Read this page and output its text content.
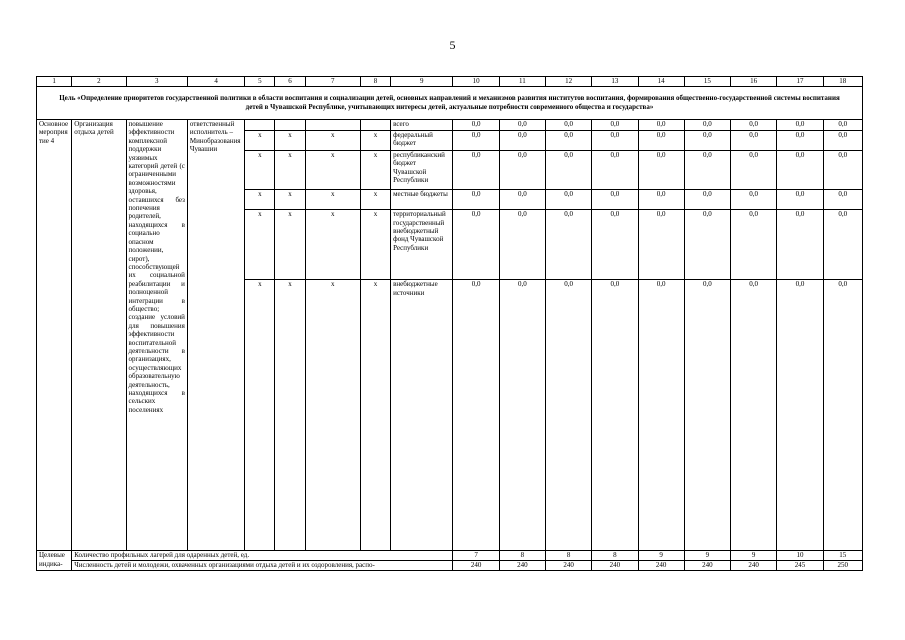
5
1	2	3	4	5	6	7	8	9	10	11	12	13	14	15	16	17	18
Цель «Определение приоритетов государственной политики в области воспитания и социализации детей, основных направлений и механизмов развития институтов воспитания, формирования общественно-государственной системы воспитания детей в Чувашской Республике, учитывающих интересы детей, актуальные потребности современного общества и государства»																	
Основное мероприятие 4	Организация отдыха детей	повышение эффективности комплексной поддержки уязвимых категорий детей (с ограниченными возможностями здоровья, оставшихся без попечения родителей, находящихся в социально опасном положении, сирот), способствующей их социальной реабилитации и полноценной интеграции в общество; создание условий для повышения эффективности воспитательной деятельности в организациях, осуществляющих образовательную деятельность, находящихся в сельских поселениях	ответственный исполнитель – Минобразования Чувашии					всего	0,0	0,0	0,0	0,0	0,0	0,0	0,0	0,0	0,0
				x	x	x	x	федеральный бюджет	0,0	0,0	0,0	0,0	0,0	0,0	0,0	0,0	0,0
				x	x	x	x	республиканский бюджет Чувашской Республики	0,0	0,0	0,0	0,0	0,0	0,0	0,0	0,0	0,0
				x	x	x	x	местные бюджеты	0,0	0,0	0,0	0,0	0,0	0,0	0,0	0,0	0,0
				x	x	x	x	территориальный государственный внебюджетный фонд Чувашской Республики	0,0	0,0	0,0	0,0	0,0	0,0	0,0	0,0	0,0
				x	x	x	x	внебюджетные источники	0,0	0,0	0,0	0,0	0,0	0,0	0,0	0,0	0,0
Целевые индика-	Количество профильных лагерей для одаренных детей, ед.								7	8	8	8	9	9	9	10	15
	Численность детей и молодежи, охваченных организациями отдыха детей и их оздоровления, распо-								240	240	240	240	240	240	240	245	250
